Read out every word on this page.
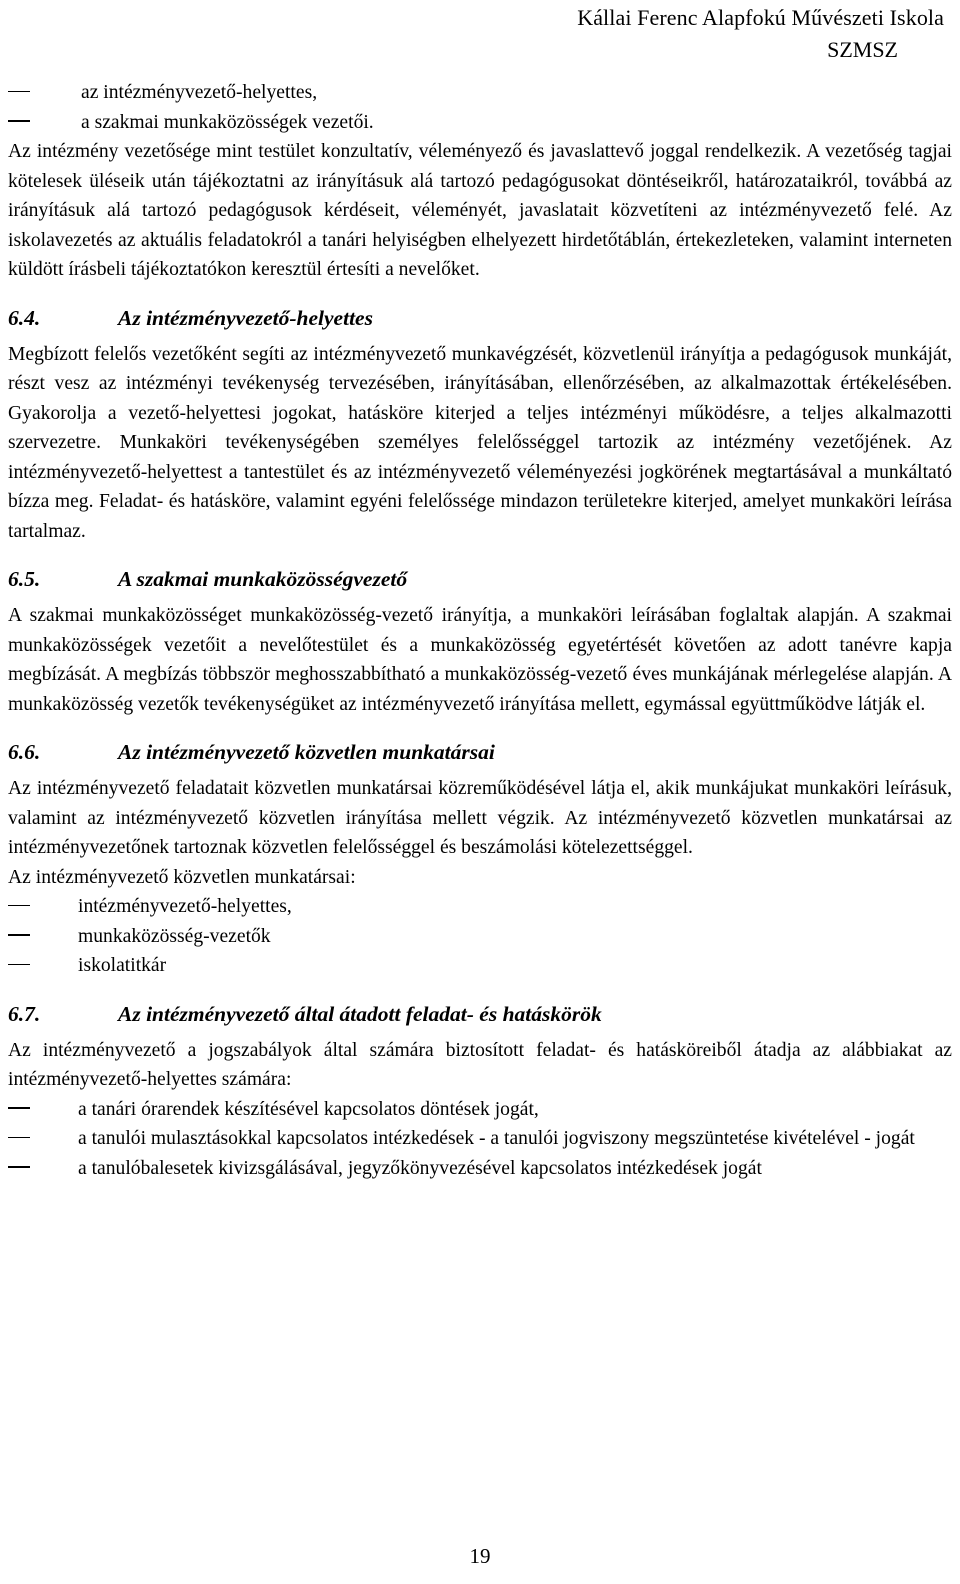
Kállai Ferenc Alapfokú Művészeti Iskola
SZMSZ
az intézményvezető-helyettes,
a szakmai munkaközösségek vezetői.

Az intézmény vezetősége mint testület konzultatív, véleményező és javaslattevő joggal rendelkezik. A vezetőség tagjai kötelesek üléseik után tájékoztatni az irányításuk alá tartozó pedagógusokat döntéseikről, határozataikról, továbbá az irányításuk alá tartozó pedagógusok kérdéseit, véleményét, javaslatait közvetíteni az intézményvezető felé. Az iskolavezetés az aktuális feladatokról a tanári helyiségben elhelyezett hirdetőtáblán, értekezleteken, valamint interneten küldött írásbeli tájékoztatókon keresztül értesíti a nevelőket.

6.4.	Az intézményvezető-helyettes

Megbízott felelős vezetőként segíti az intézményvezető munkavégzését, közvetlenül irányítja a pedagógusok munkáját, részt vesz az intézményi tevékenység tervezésében, irányításában, ellenőrzésében, az alkalmazottak értékelésében. Gyakorolja a vezető-helyettesi jogokat, hatásköre kiterjed a teljes intézményi működésre, a teljes alkalmazotti szervezetre. Munkaköri tevékenységében személyes felelősséggel tartozik az intézmény vezetőjének. Az intézményvezető-helyettest a tantestület és az intézményvezető véleményezési jogkörének megtartásával a munkáltató bízza meg. Feladat- és hatásköre, valamint egyéni felelőssége mindazon területekre kiterjed, amelyet munkaköri leírása tartalmaz.

6.5.	A szakmai munkaközösségvezető

A szakmai munkaközösséget munkaközösség-vezető irányítja, a munkaköri leírásában foglaltak alapján. A szakmai munkaközösségek vezetőit a nevelőtestület és a munkaközösség egyetértését követően az adott tanévre kapja megbízását. A megbízás többször meghosszabbítható a munkaközösség-vezető éves munkájának mérlegelése alapján. A munkaközösség vezetők tevékenységüket az intézményvezető irányítása mellett, egymással együttműködve látják el.

6.6.	Az intézményvezető közvetlen munkatársai

Az intézményvezető feladatait közvetlen munkatársai közreműködésével látja el, akik munkájukat munkaköri leírásuk, valamint az intézményvezető közvetlen irányítása mellett végzik. Az intézményvezető közvetlen munkatársai az intézményvezetőnek tartoznak közvetlen felelősséggel és beszámolási kötelezettséggel.

Az intézményvezető közvetlen munkatársai:

intézményvezető-helyettes,
munkaközösség-vezetők
iskolatitkár
6.7.	Az intézményvezető által átadott feladat- és hatáskörök

Az intézményvezető a jogszabályok által számára biztosított feladat- és hatásköreiből átadja az alábbiakat az intézményvezető-helyettes számára:

a tanári órarendek készítésével kapcsolatos döntések jogát,
a tanulói mulasztásokkal kapcsolatos intézkedések - a tanulói jogviszony megszüntetése kivételével - jogát
a tanulóbalesetek kivizsgálásával, jegyzőkönyvezésével kapcsolatos intézkedések jogát
19
